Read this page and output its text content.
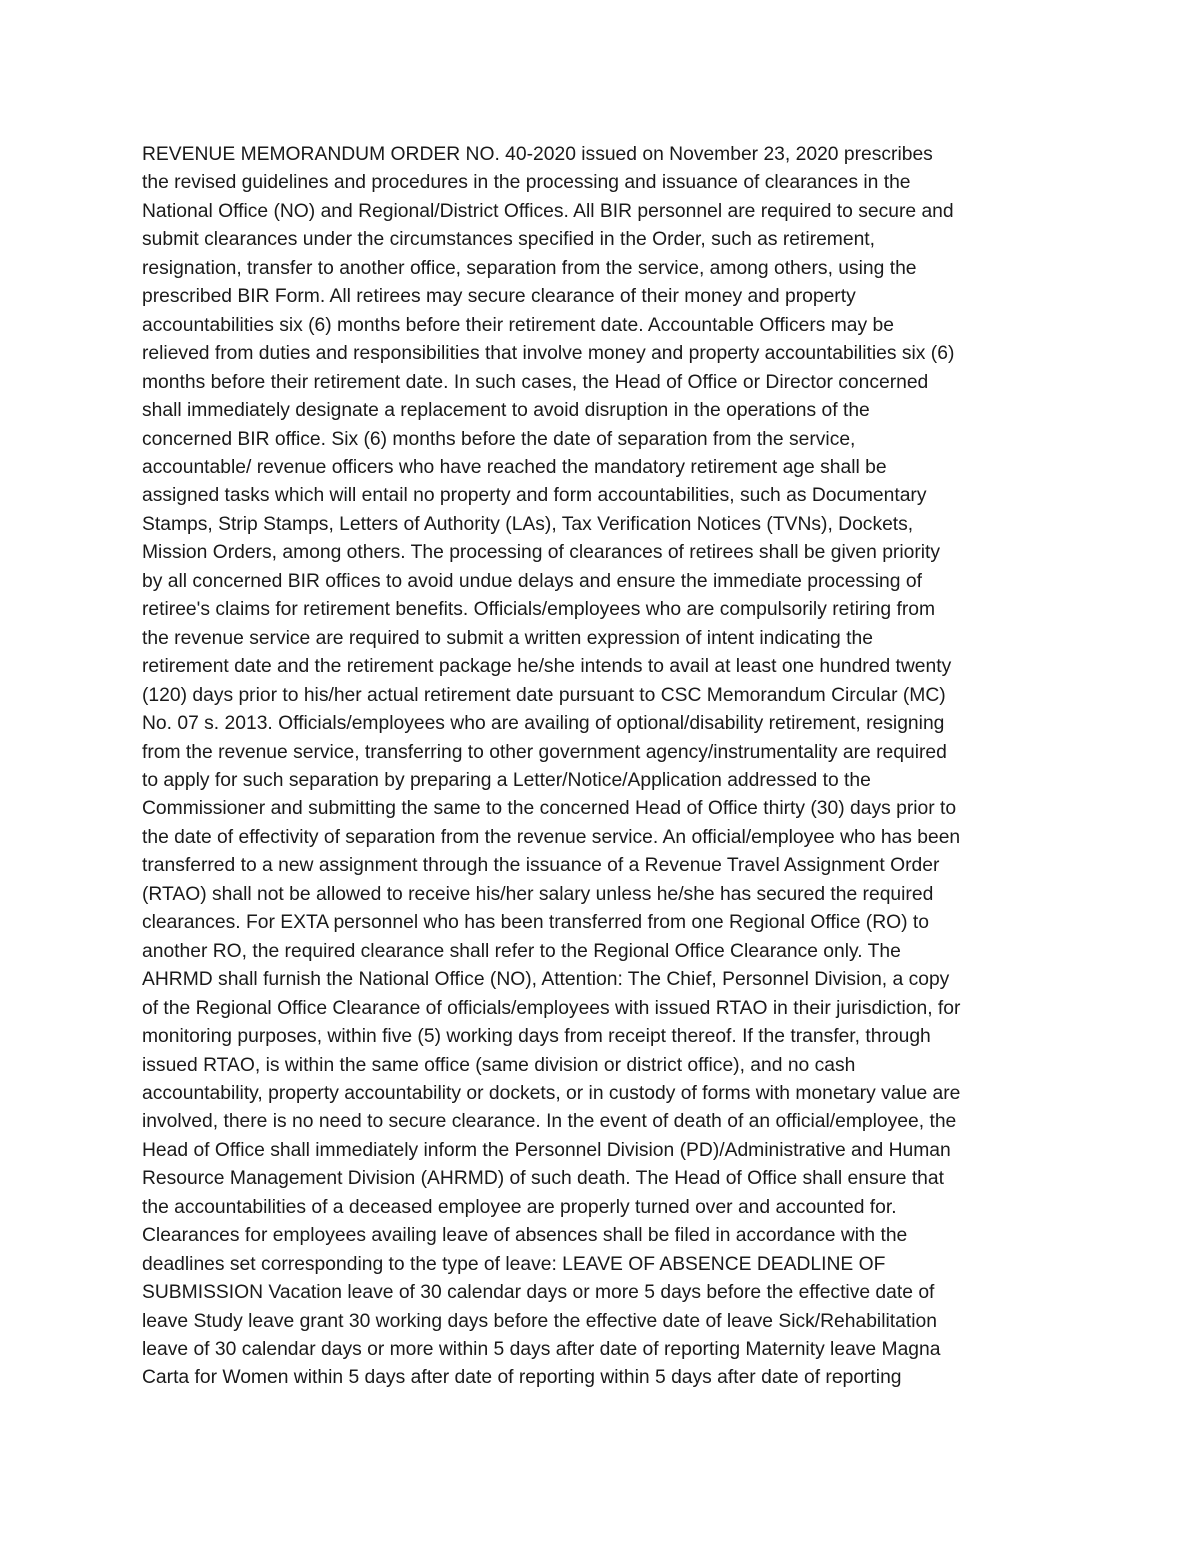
REVENUE MEMORANDUM ORDER NO. 40-2020 issued on November 23, 2020 prescribes
the revised guidelines and procedures in the processing and issuance of clearances in the
National Office (NO) and Regional/District Offices. All BIR personnel are required to secure and
submit clearances under the circumstances specified in the Order, such as retirement,
resignation, transfer to another office, separation from the service, among others, using the
prescribed BIR Form. All retirees may secure clearance of their money and property
accountabilities six (6) months before their retirement date. Accountable Officers may be
relieved from duties and responsibilities that involve money and property accountabilities six (6)
months before their retirement date. In such cases, the Head of Office or Director concerned
shall immediately designate a replacement to avoid disruption in the operations of the
concerned BIR office. Six (6) months before the date of separation from the service,
accountable/ revenue officers who have reached the mandatory retirement age shall be
assigned tasks which will entail no property and form accountabilities, such as Documentary
Stamps, Strip Stamps, Letters of Authority (LAs), Tax Verification Notices (TVNs), Dockets,
Mission Orders, among others. The processing of clearances of retirees shall be given priority
by all concerned BIR offices to avoid undue delays and ensure the immediate processing of
retiree's claims for retirement benefits. Officials/employees who are compulsorily retiring from
the revenue service are required to submit a written expression of intent indicating the
retirement date and the retirement package he/she intends to avail at least one hundred twenty
(120) days prior to his/her actual retirement date pursuant to CSC Memorandum Circular (MC)
No. 07 s. 2013. Officials/employees who are availing of optional/disability retirement, resigning
from the revenue service, transferring to other government agency/instrumentality are required
to apply for such separation by preparing a Letter/Notice/Application addressed to the
Commissioner and submitting the same to the concerned Head of Office thirty (30) days prior to
the date of effectivity of separation from the revenue service. An official/employee who has been
transferred to a new assignment through the issuance of a Revenue Travel Assignment Order
(RTAO) shall not be allowed to receive his/her salary unless he/she has secured the required
clearances. For EXTA personnel who has been transferred from one Regional Office (RO) to
another RO, the required clearance shall refer to the Regional Office Clearance only. The
AHRMD shall furnish the National Office (NO), Attention: The Chief, Personnel Division, a copy
of the Regional Office Clearance of officials/employees with issued RTAO in their jurisdiction, for
monitoring purposes, within five (5) working days from receipt thereof. If the transfer, through
issued RTAO, is within the same office (same division or district office), and no cash
accountability, property accountability or dockets, or in custody of forms with monetary value are
involved, there is no need to secure clearance. In the event of death of an official/employee, the
Head of Office shall immediately inform the Personnel Division (PD)/Administrative and Human
Resource Management Division (AHRMD) of such death. The Head of Office shall ensure that
the accountabilities of a deceased employee are properly turned over and accounted for.
Clearances for employees availing leave of absences shall be filed in accordance with the
deadlines set corresponding to the type of leave: LEAVE OF ABSENCE DEADLINE OF
SUBMISSION Vacation leave of 30 calendar days or more 5 days before the effective date of
leave Study leave grant 30 working days before the effective date of leave Sick/Rehabilitation
leave of 30 calendar days or more within 5 days after date of reporting Maternity leave Magna
Carta for Women within 5 days after date of reporting within 5 days after date of reporting
